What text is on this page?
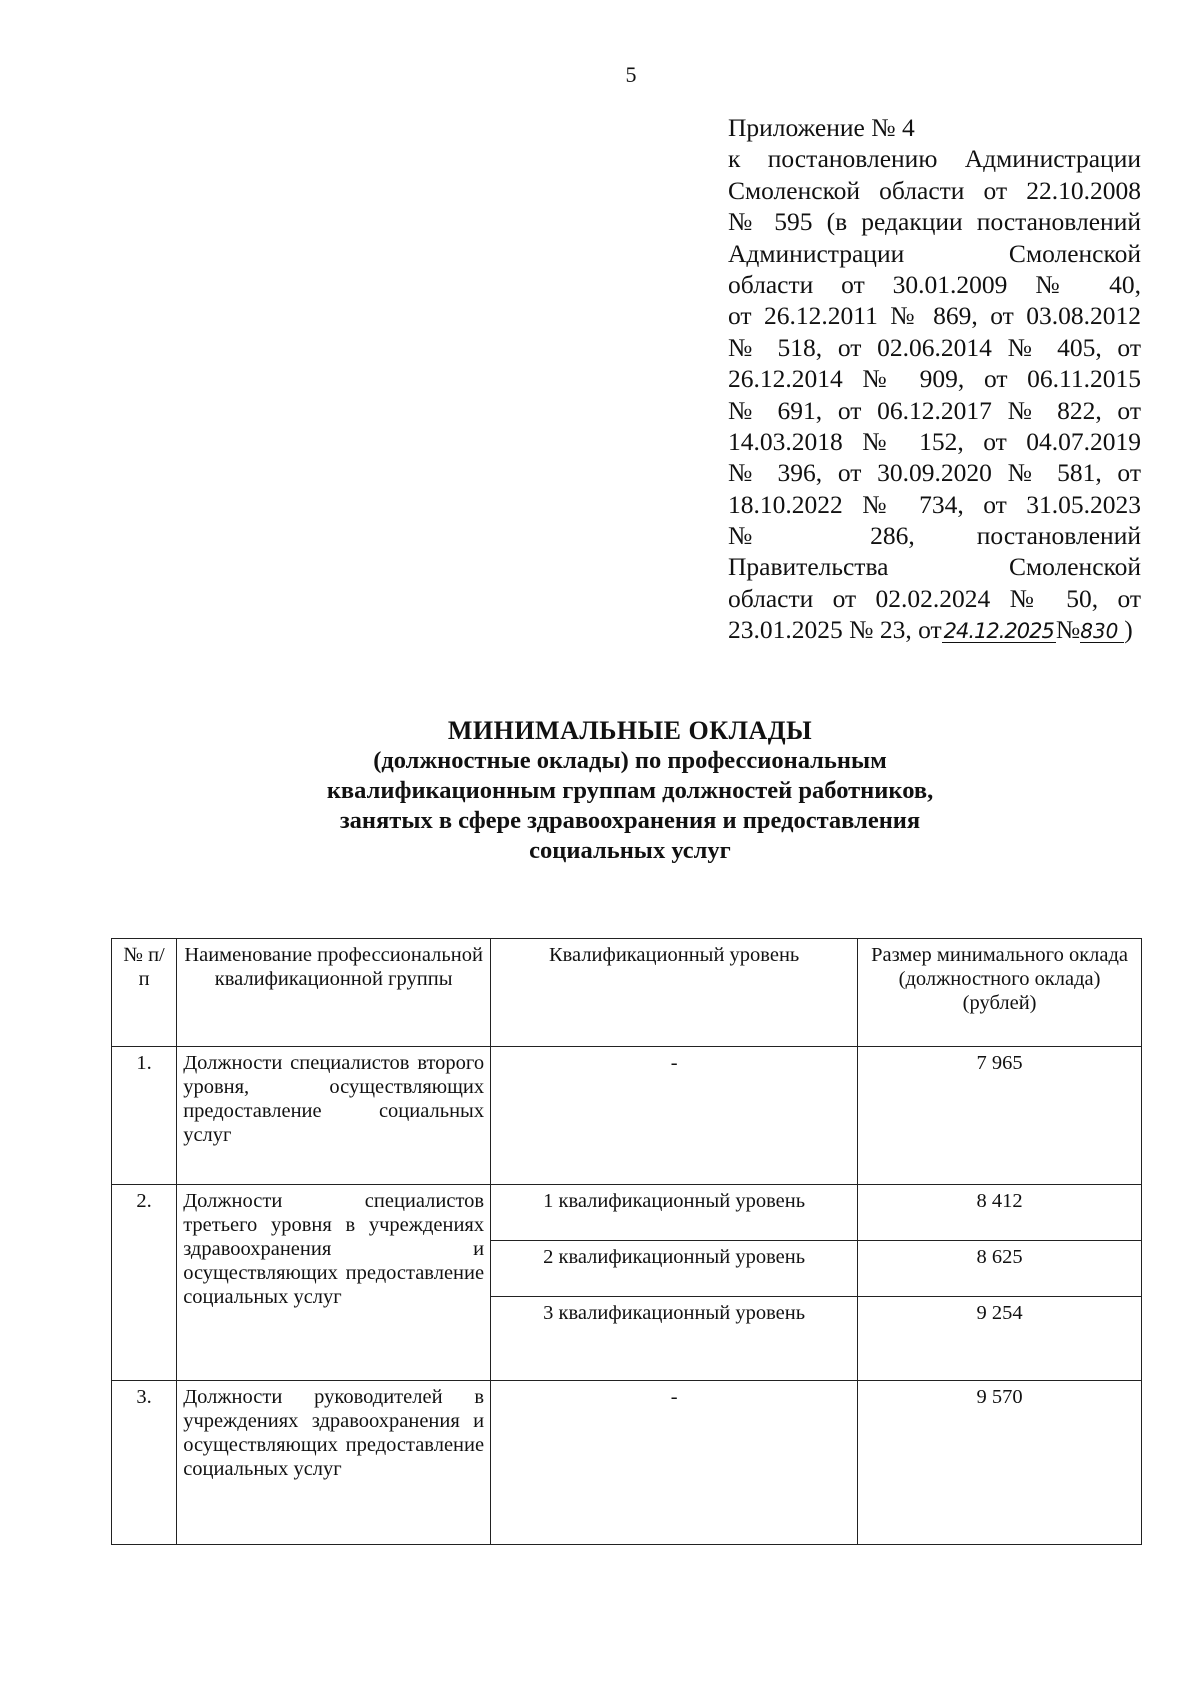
5
Приложение № 4
к постановлению Администрации
Смоленской области от 22.10.2008
№ 595 (в редакции постановлений
Администрации Смоленской
области от 30.01.2009 № 40,
от 26.12.2011 № 869, от 03.08.2012
№ 518, от 02.06.2014 № 405, от
26.12.2014 № 909, от 06.11.2015
№ 691, от 06.12.2017 № 822, от
14.03.2018 № 152, от 04.07.2019
№ 396, от 30.09.2020 № 581, от
18.10.2022 № 734, от 31.05.2023
№ 286, постановлений
Правительства Смоленской
области от 02.02.2024 № 50, от
23.01.2025 № 23, от24.12.2025№830 )
МИНИМАЛЬНЫЕ ОКЛАДЫ
(должностные оклады) по профессиональным
квалификационным группам должностей работников,
занятых в сфере здравоохранения и предоставления
социальных услуг
№ п/п	Наименование профессиональной квалификационной группы	Квалификационный уровень	Размер минимального оклада (должностного оклада) (рублей)
1.	Должности специалистов второго уровня, осуществляющих предоставление социальных услуг	-	7 965
2.	Должности специалистов третьего уровня в учреждениях здравоохранения и осуществляющих предоставление социальных услуг	1 квалификационный уровень	8 412
		2 квалификационный уровень	8 625
		3 квалификационный уровень	9 254
3.	Должности руководителей в учреждениях здравоохранения и осуществляющих предоставление социальных услуг	-	9 570
